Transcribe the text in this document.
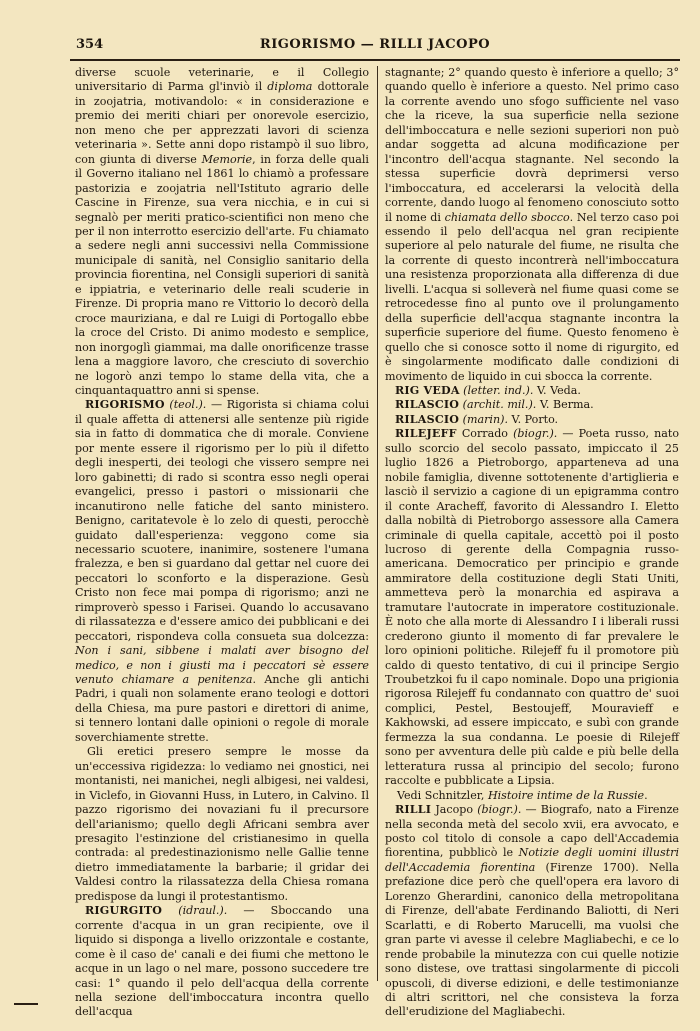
354	RIGORISMO — RILLI JACOPO

diverse scuole veterinarie, e il Collegio universitario di Parma gl'inviò il diploma dottorale in zoojatria, motivandolo: « in considerazione e premio dei meriti chiari per onorevole esercizio, non meno che per apprezzati lavori di scienza veterinaria ». Sette anni dopo ristampò il suo libro, con giunta di diverse Memorie, in forza delle quali il Governo italiano nel 1861 lo chiamò a professare pastorizia e zoojatria nell'Istituto agrario delle Cascine in Firenze, sua vera nicchia, e in cui si segnalò per meriti pratico-scientifici non meno che per il non interrotto esercizio dell'arte. Fu chiamato a sedere negli anni successivi nella Commissione municipale di sanità, nel Consiglio sanitario della provincia fiorentina, nel Consigli superiori di sanità e ippiatria, e veterinario delle reali scuderie in Firenze. Di propria mano re Vittorio lo decorò della croce mauriziana, e dal re Luigi di Portogallo ebbe la croce del Cristo. Di animo modesto e semplice, non inorgoglì giammai, ma dalle onorificenze trasse lena a maggiore lavoro, che cresciuto di soverchio ne logorò anzi tempo lo stame della vita, che a cinquantaquattro anni si spense.

RIGORISMO (teol.). — Rigorista si chiama colui il quale affetta di attenersi alle sentenze più rigide sia in fatto di dommatica che di morale. Conviene por mente essere il rigorismo per lo più il difetto degli inesperti, dei teologi che vissero sempre nei loro gabinetti; di rado si scontra esso negli operai evangelici, presso i pastori o missionarii che incanutirono nelle fatiche del santo ministero. Benigno, caritatevole è lo zelo di questi, perocchè guidato dall'esperienza: veggono come sia necessario scuotere, inanimire, sostenere l'umana fralezza, e ben si guardano dal gettar nel cuore dei peccatori lo sconforto e la disperazione. Gesù Cristo non fece mai pompa di rigorismo; anzi ne rimproverò spesso i Farisei. Quando lo accusavano di rilassatezza e d'essere amico dei pubblicani e dei peccatori, rispondeva colla consueta sua dolcezza: Non i sani, sibbene i malati aver bisogno del medico, e non i giusti ma i peccatori sè essere venuto chiamare a penitenza. Anche gli antichi Padri, i quali non solamente erano teologi e dottori della Chiesa, ma pure pastori e direttori di anime, si tennero lontani dalle opinioni o regole di morale soverchiamente strette.

Gli eretici presero sempre le mosse da un'eccessiva rigidezza: lo vediamo nei gnostici, nei montanisti, nei manichei, negli albigesi, nei valdesi, in Viclefo, in Giovanni Huss, in Lutero, in Calvino. Il pazzo rigorismo dei novaziani fu il precursore dell'arianismo; quello degli Africani sembra aver presagito l'estinzione del cristianesimo in quella contrada: al predestinazionismo nelle Gallie tenne dietro immediatamente la barbarie; il gridar dei Valdesi contro la rilassatezza della Chiesa romana predispose da lungi il protestantismo.

RIGURGITO (idraul.). — Sboccando una corrente d'acqua in un gran recipiente, ove il liquido si disponga a livello orizzontale e costante, come è il caso de' canali e dei fiumi che mettono le acque in un lago o nel mare, possono succedere tre casi: 1° quando il pelo dell'acqua della corrente nella sezione dell'imboccatura incontra quello dell'acqua

stagnante; 2° quando questo è inferiore a quello; 3° quando quello è inferiore a questo. Nel primo caso la corrente avendo uno sfogo sufficiente nel vaso che la riceve, la sua superficie nella sezione dell'imboccatura e nelle sezioni superiori non può andar soggetta ad alcuna modificazione per l'incontro dell'acqua stagnante. Nel secondo la stessa superficie dovrà deprimersi verso l'imboccatura, ed accelerarsi la velocità della corrente, dando luogo al fenomeno conosciuto sotto il nome di chiamata dello sbocco. Nel terzo caso poi essendo il pelo dell'acqua nel gran recipiente superiore al pelo naturale del fiume, ne risulta che la corrente di questo incontrerà nell'imboccatura una resistenza proporzionata alla differenza di due livelli. L'acqua si solleverà nel fiume quasi come se retrocedesse fino al punto ove il prolungamento della superficie dell'acqua stagnante incontra la superficie superiore del fiume. Questo fenomeno è quello che si conosce sotto il nome di rigurgito, ed è singolarmente modificato dalle condizioni di movimento de liquido in cui sbocca la corrente.

RIG VEDA (letter. ind.). V. Veda.

RILASCIO (archit. mil.). V. Berma.

RILASCIO (marin). V. Porto.

RILEJEFF Corrado (biogr.). — Poeta russo, nato sullo scorcio del secolo passato, impiccato il 25 luglio 1826 a Pietroborgo, apparteneva ad una nobile famiglia, divenne sottotenente d'artiglieria e lasciò il servizio a cagione di un epigramma contro il conte Aracheff, favorito di Alessandro I. Eletto dalla nobiltà di Pietroborgo assessore alla Camera criminale di quella capitale, accettò poi il posto lucroso di gerente della Compagnia russo-americana. Democratico per principio e grande ammiratore della costituzione degli Stati Uniti, ammetteva però la monarchia ed aspirava a tramutare l'autocrate in imperatore costituzionale. È noto che alla morte di Alessandro I i liberali russi crederono giunto il momento di far prevalere le loro opinioni politiche. Rilejeff fu il promotore più caldo di questo tentativo, di cui il principe Sergio Troubetzkoi fu il capo nominale. Dopo una prigionia rigorosa Rilejeff fu condannato con quattro de' suoi complici, Pestel, Bestoujeff, Mouravieff e Kakhowski, ad essere impiccato, e subì con grande fermezza la sua condanna. Le poesie di Rilejeff sono per avventura delle più calde e più belle della letteratura russa al principio del secolo; furono raccolte e pubblicate a Lipsia.

Vedi Schnitzler, Histoire intime de la Russie.

RILLI Jacopo (biogr.). — Biografo, nato a Firenze nella seconda metà del secolo xvii, era avvocato, e posto col titolo di console a capo dell'Accademia fiorentina, pubblicò le Notizie degli uomini illustri dell'Accademia fiorentina (Firenze 1700). Nella prefazione dice però che quell'opera era lavoro di Lorenzo Gherardini, canonico della metropolitana di Firenze, dell'abate Ferdinando Baliotti, di Neri Scarlatti, e di Roberto Marucelli, ma vuolsi che gran parte vi avesse il celebre Magliabechi, e ce lo rende probabile la minutezza con cui quelle notizie sono distese, ove trattasi singolarmente di piccoli opuscoli, di diverse edizioni, e delle testimonianze di altri scrittori, nel che consisteva la forza dell'erudizione del Magliabechi.
